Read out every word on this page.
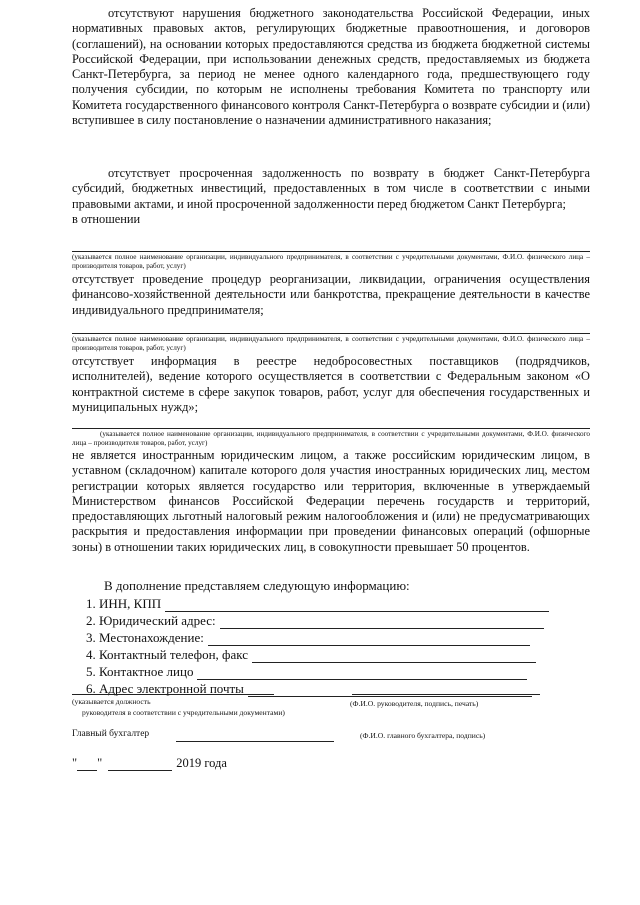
отсутствуют нарушения бюджетного законодательства Российской Федерации, иных нормативных правовых актов, регулирующих бюджетные правоотношения, и договоров (соглашений), на основании которых предоставляются средства из бюджета бюджетной системы Российской Федерации, при использовании денежных средств, предоставляемых из бюджета Санкт-Петербурга, за период не менее одного календарного года, предшествующего году получения субсидии, по которым не исполнены требования Комитета по транспорту или Комитета государственного финансового контроля Санкт-Петербурга о возврате субсидии и (или) вступившее в силу постановление о назначении административного наказания;

отсутствует просроченная задолженность по возврату в бюджет Санкт-Петербурга субсидий, бюджетных инвестиций, предоставленных в том числе в соответствии с иными правовыми актами, и иной просроченной задолженности перед бюджетом Санкт Петербурга;

в отношении

(указывается полное наименование организации, индивидуального предпринимателя, в соответствии с учредительными документами, Ф.И.О. физического лица – производителя товаров, работ, услуг)

отсутствует проведение процедур реорганизации, ликвидации, ограничения осуществления финансово-хозяйственной деятельности или банкротства, прекращение деятельности в качестве индивидуального предпринимателя;

(указывается полное наименование организации, индивидуального предпринимателя, в соответствии с учредительными документами, Ф.И.О. физического лица – производителя товаров, работ, услуг)

отсутствует информация в реестре недобросовестных поставщиков (подрядчиков, исполнителей), ведение которого осуществляется в соответствии с Федеральным законом «О контрактной системе в сфере закупок товаров, работ, услуг для обеспечения государственных и муниципальных нужд»;

(указывается полное наименование организации, индивидуального предпринимателя, в соответствии с учредительными документами, Ф.И.О. физического лица – производителя товаров, работ, услуг)

не является иностранным юридическим лицом, а также российским юридическим лицом, в уставном (складочном) капитале которого доля участия иностранных юридических лиц, местом регистрации которых является государство или территория, включенные в утверждаемый Министерством финансов Российской Федерации перечень государств и территорий, предоставляющих льготный налоговый режим налогообложения и (или) не предусматривающих раскрытия и предоставления информации при проведении финансовых операций (офшорные зоны) в отношении таких юридических лиц, в совокупности превышает 50 процентов.

В дополнение представляем следующую информацию:
1. ИНН, КПП
2. Юридический адрес:
3. Местонахождение:
4. Контактный телефон, факс
5. Контактное лицо
6. Адрес электронной почты
(указывается должность	(Ф.И.О. руководителя, подпись, печать)
руководителя в соответствии с учредительными документами)
Главный бухгалтер	(Ф.И.О. главного бухгалтера, подпись)
" "	2019 года
